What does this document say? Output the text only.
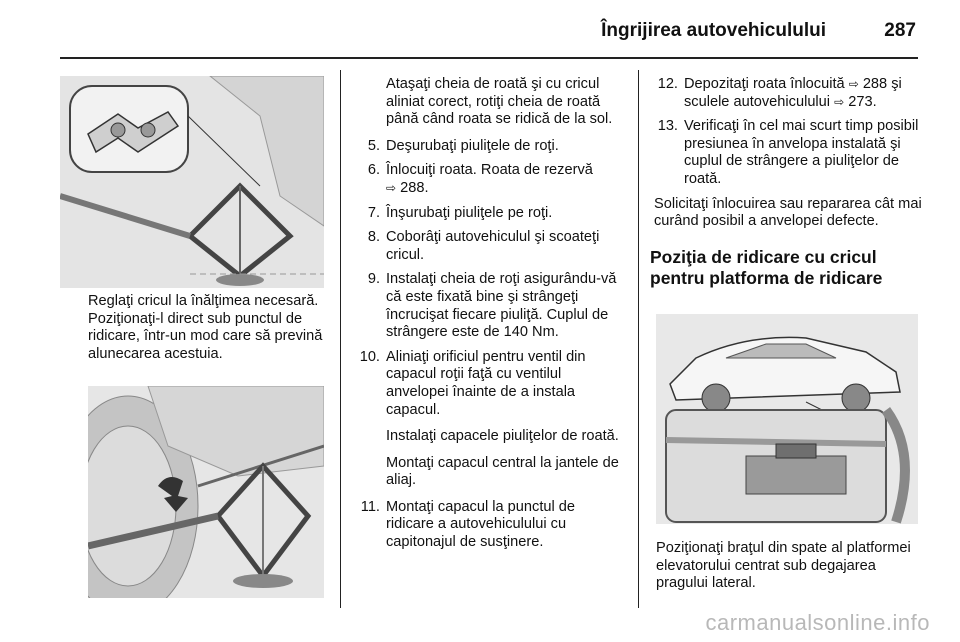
Îngrijirea autovehiculului	287
Reglaţi cricul la înălţimea necesară. Poziţionaţi-l direct sub punctul de ridicare, într-un mod care să prevină alunecarea acestuia.

Ataşaţi cheia de roată şi cu cricul aliniat corect, rotiţi cheia de roată până când roata se ridică de la sol.

5. Deşurubaţi piuliţele de roţi.
6. Înlocuiţi roata. Roata de rezervă
⇨ 288.
7. Înşurubaţi piuliţele pe roţi.
8. Coborâţi autovehiculul şi scoateţi cricul.
9. Instalaţi cheia de roţi asigurându-vă că este fixată bine şi strângeţi încrucişat fiecare piuliţă. Cuplul de strângere este de 140 Nm.
10. Aliniaţi orificiul pentru ventil din capacul roţii faţă cu ventilul anvelopei înainte de a instala capacul.

Instalaţi capacele piuliţelor de roată.

Montaţi capacul central la jantele de aliaj.

11. Montaţi capacul la punctul de ridicare a autovehiculului cu capitonajul de susţinere.
12. Depozitaţi roata înlocuită ⇨ 288 şi sculele autovehiculului ⇨ 273.
13. Verificaţi în cel mai scurt timp posibil presiunea în anvelopa instalată şi cuplul de strângere a piuliţelor de roată.

Solicitaţi înlocuirea sau repararea cât mai curând posibil a anvelopei defecte.

Poziţia de ridicare cu cricul pentru platforma de ridicare
Poziţionaţi braţul din spate al platformei elevatorului centrat sub degajarea pragului lateral.
carmanualsonline.info
